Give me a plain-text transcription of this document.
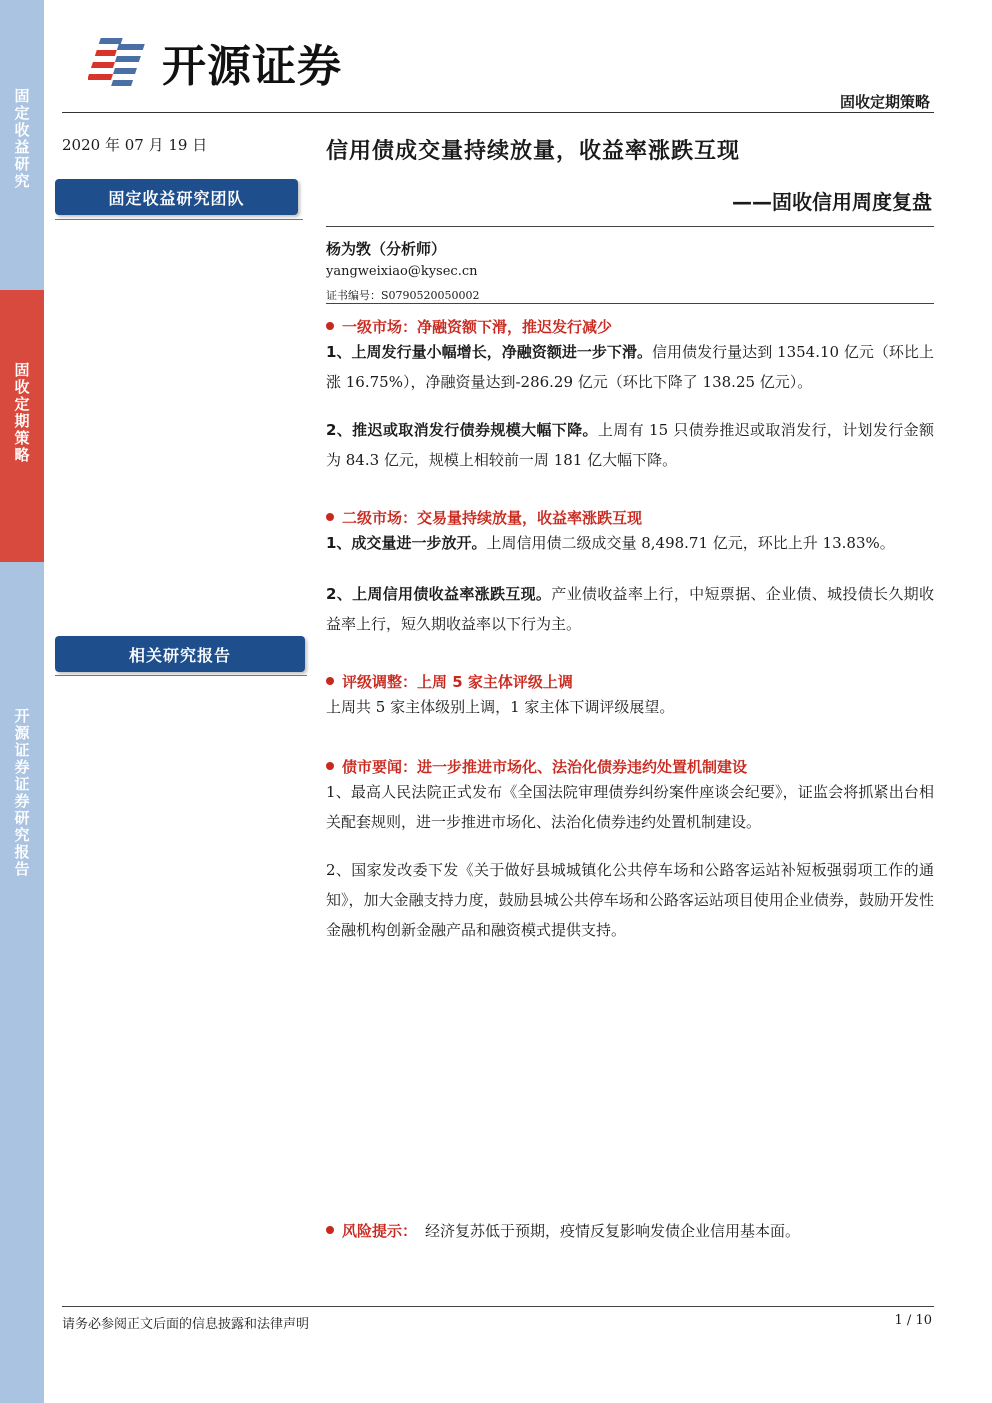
固定收益研究
固收定期策略
开源证券 证券研究报告
开源证券
固收定期策略
2020 年 07 月 19 日
固定收益研究团队
相关研究报告
信用债成交量持续放量，收益率涨跌互现
——固收信用周度复盘
杨为敩（分析师）
yangweixiao@kysec.cn
证书编号：S0790520050002
一级市场：净融资额下滑，推迟发行减少
1、上周发行量小幅增长，净融资额进一步下滑。信用债发行量达到 1354.10 亿元（环比上涨 16.75%），净融资量达到-286.29 亿元（环比下降了 138.25 亿元）。
2、推迟或取消发行债券规模大幅下降。上周有 15 只债券推迟或取消发行，计划发行金额为 84.3 亿元，规模上相较前一周 181 亿大幅下降。
二级市场：交易量持续放量，收益率涨跌互现
1、成交量进一步放开。上周信用债二级成交量 8,498.71 亿元，环比上升 13.83%。
2、上周信用债收益率涨跌互现。产业债收益率上行，中短票据、企业债、城投债长久期收益率上行，短久期收益率以下行为主。
评级调整：上周 5 家主体评级上调
上周共 5 家主体级别上调，1 家主体下调评级展望。
债市要闻：进一步推进市场化、法治化债券违约处置机制建设
1、最高人民法院正式发布《全国法院审理债券纠纷案件座谈会纪要》，证监会将抓紧出台相关配套规则，进一步推进市场化、法治化债券违约处置机制建设。
2、国家发改委下发《关于做好县城城镇化公共停车场和公路客运站补短板强弱项工作的通知》，加大金融支持力度，鼓励县城公共停车场和公路客运站项目使用企业债券，鼓励开发性金融机构创新金融产品和融资模式提供支持。
风险提示： 经济复苏低于预期，疫情反复影响发债企业信用基本面。
请务必参阅正文后面的信息披露和法律声明	1 / 10
